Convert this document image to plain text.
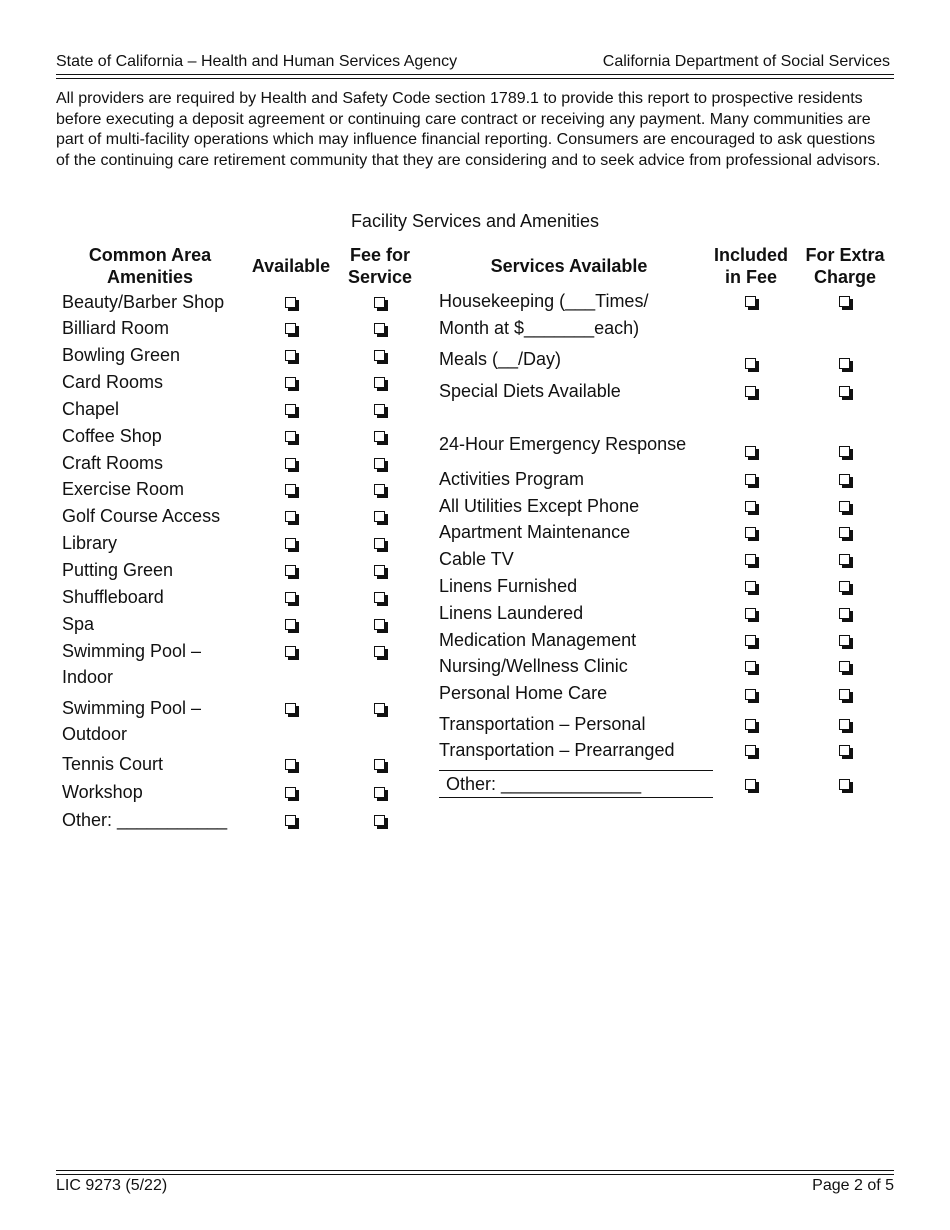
State of California – Health and Human Services Agency	California Department of Social Services
All providers are required by Health and Safety Code section 1789.1 to provide this report to prospective residents before executing a deposit agreement or continuing care contract or receiving any payment. Many communities are part of multi-facility operations which may influence financial reporting. Consumers are encouraged to ask questions of the continuing care retirement community that they are considering and to seek advice from professional advisors.
Facility Services and Amenities
Common Area
Amenities
Available
Fee for
Service
Services Available
Included
in Fee
For Extra
Charge
Beauty/Barber Shop
Billiard Room
Bowling Green
Card Rooms
Chapel
Coffee Shop
Craft Rooms
Exercise Room
Golf Course Access
Library
Putting Green
Shuffleboard
Spa
Swimming Pool –
Indoor
Swimming Pool –
Outdoor
Tennis Court
Workshop
Other: ___________
Housekeeping (___Times/
Month at $_______each)
Meals (__/Day)
Special Diets Available
24-Hour Emergency Response
Activities Program
All Utilities Except Phone
Apartment Maintenance
Cable TV
Linens Furnished
Linens Laundered
Medication Management
Nursing/Wellness Clinic
Personal Home Care
Transportation – Personal
Transportation – Prearranged
Other: ______________
LIC 9273 (5/22)	Page 2 of 5
